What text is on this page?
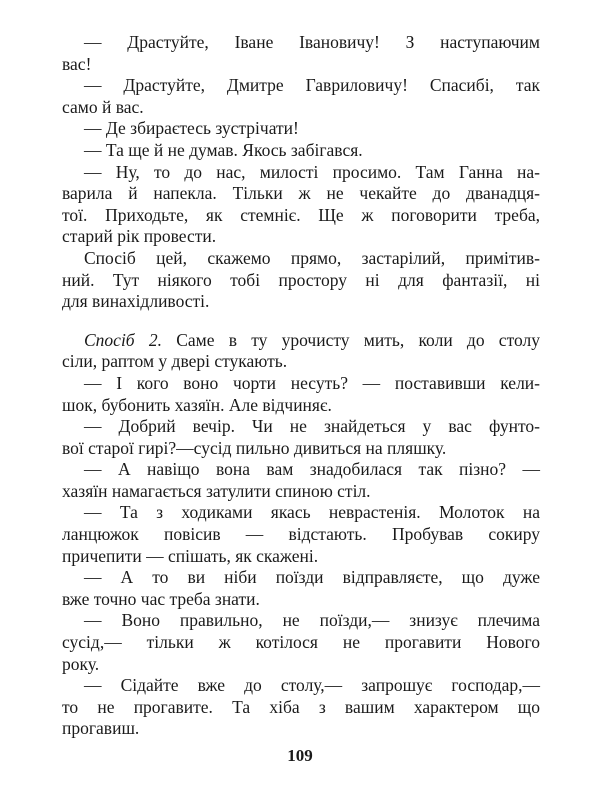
— Драстуйте, Іване Івановичу! З наступаючим
вас!
— Драстуйте, Дмитре Гавриловичу! Спасибі, так
само й вас.
— Де збираєтесь зустрічати!
— Та ще й не думав. Якось забігався.
— Ну, то до нас, милості просимо. Там Ганна на-
варила й напекла. Тільки ж не чекайте до дванадця-
тої. Приходьте, як стемніє. Ще ж поговорити треба,
старий рік провести.
Спосіб цей, скажемо прямо, застарілий, примітив-
ний. Тут ніякого тобі простору ні для фантазії, ні
для винахідливості.
Спосіб 2. Саме в ту урочисту мить, коли до столу
сіли, раптом у двері стукають.
— І кого воно чорти несуть? — поставивши кели-
шок, бубонить хазяїн. Але відчиняє.
— Добрий вечір. Чи не знайдеться у вас фунто-
вої старої гирі?—сусід пильно дивиться на пляшку.
— А навіщо вона вам знадобилася так пізно? —
хазяїн намагається затулити спиною стіл.
— Та з ходиками якась неврастенія. Молоток на
ланцюжок повісив — відстають. Пробував сокиру
причепити — спішать, як скажені.
— А то ви ніби поїзди відправляєте, що дуже
вже точно час треба знати.
— Воно правильно, не поїзди,— знизує плечима
сусід,— тільки ж котілося не прогавити Нового
року.
— Сідайте вже до столу,— запрошує господар,—
то не прогавите. Та хіба з вашим характером що
прогавиш.
109
